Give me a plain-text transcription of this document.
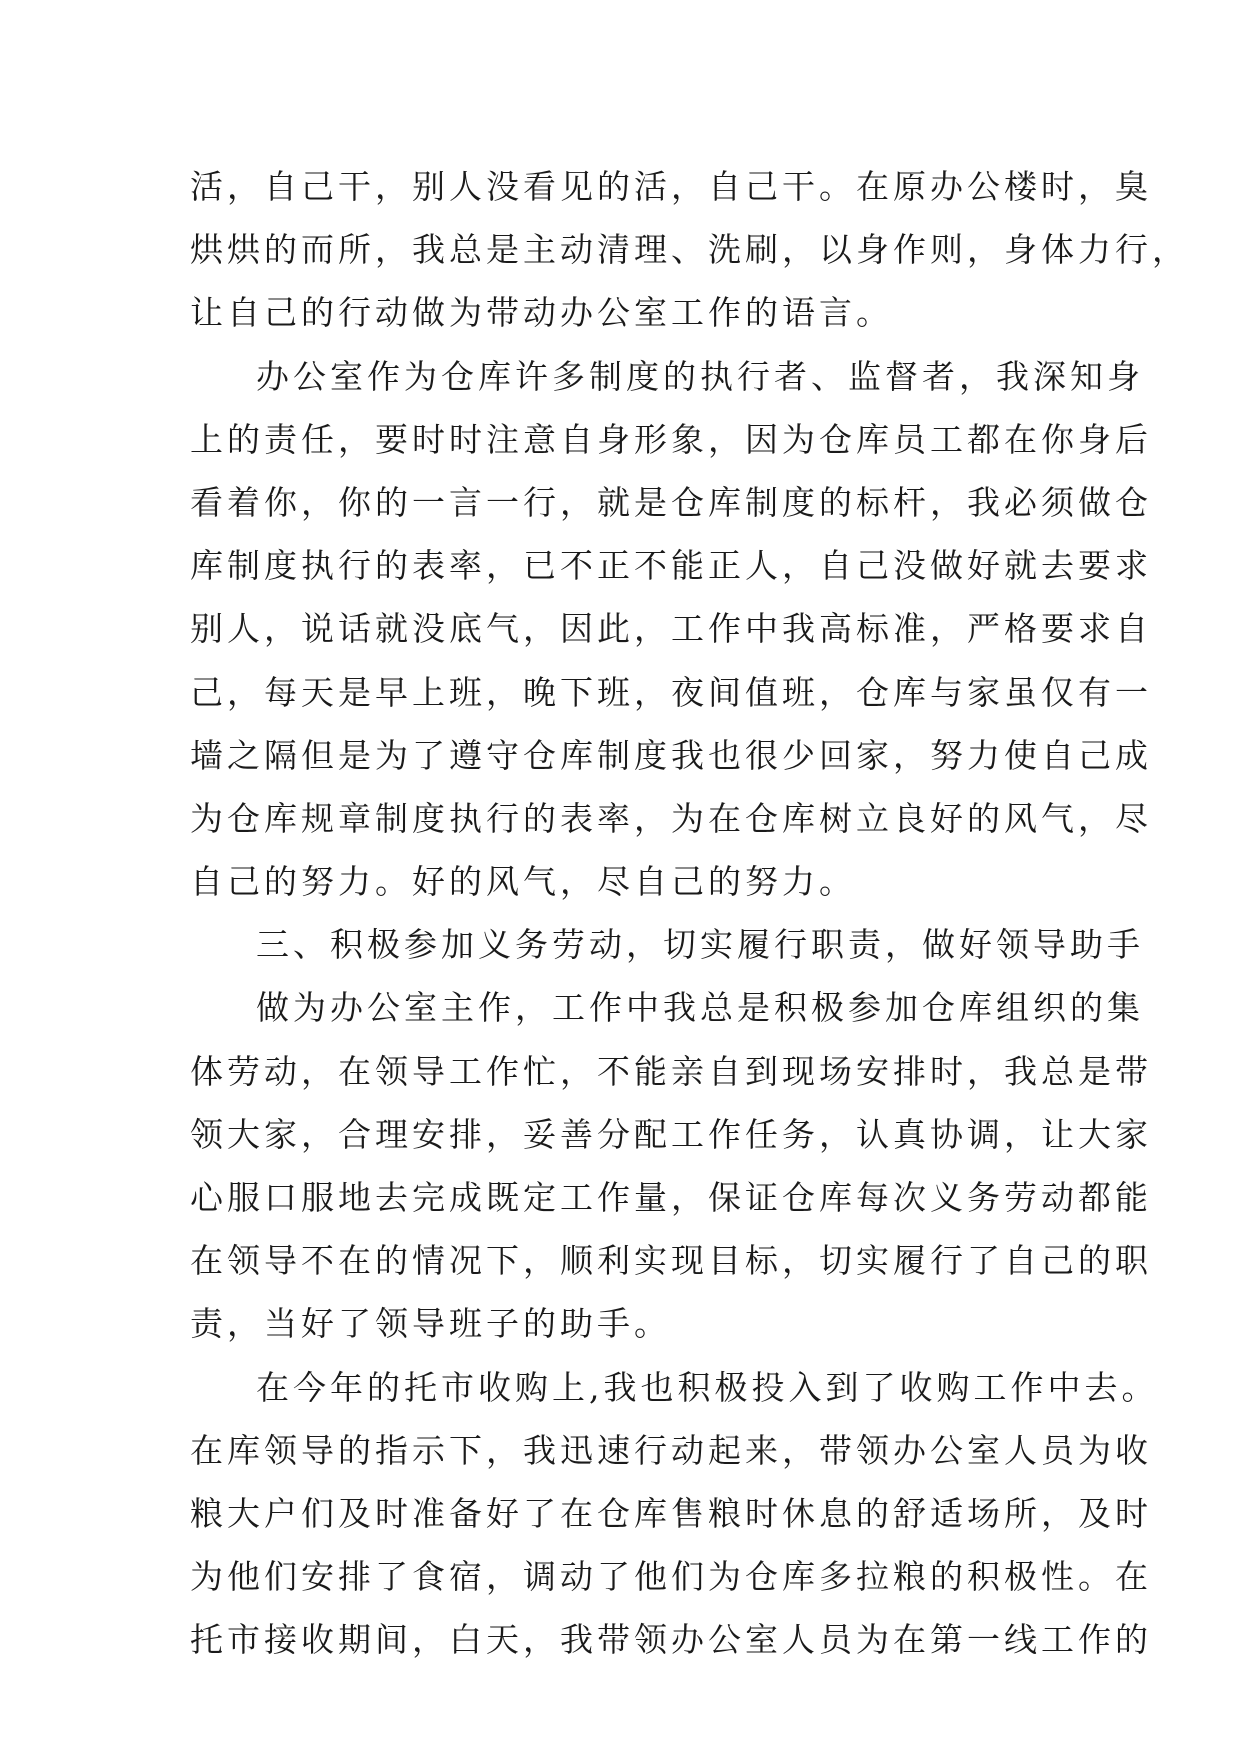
活，自己干，别人没看见的活，自己干。在原办公楼时，臭
烘烘的而所，我总是主动清理、洗刷，以身作则，身体力行，
让自己的行动做为带动办公室工作的语言。
办公室作为仓库许多制度的执行者、监督者，我深知身
上的责任，要时时注意自身形象，因为仓库员工都在你身后
看着你，你的一言一行，就是仓库制度的标杆，我必须做仓
库制度执行的表率，已不正不能正人，自己没做好就去要求
别人，说话就没底气，因此，工作中我高标准，严格要求自
己，每天是早上班，晚下班，夜间值班，仓库与家虽仅有一
墙之隔但是为了遵守仓库制度我也很少回家，努力使自己成
为仓库规章制度执行的表率，为在仓库树立良好的风气，尽
自己的努力。好的风气，尽自己的努力。
三、积极参加义务劳动，切实履行职责，做好领导助手
做为办公室主作，工作中我总是积极参加仓库组织的集
体劳动，在领导工作忙，不能亲自到现场安排时，我总是带
领大家，合理安排，妥善分配工作任务，认真协调，让大家
心服口服地去完成既定工作量，保证仓库每次义务劳动都能
在领导不在的情况下，顺利实现目标，切实履行了自己的职
责，当好了领导班子的助手。
在今年的托市收购上,我也积极投入到了收购工作中去。
在库领导的指示下，我迅速行动起来，带领办公室人员为收
粮大户们及时准备好了在仓库售粮时休息的舒适场所，及时
为他们安排了食宿，调动了他们为仓库多拉粮的积极性。在
托市接收期间，白天，我带领办公室人员为在第一线工作的
